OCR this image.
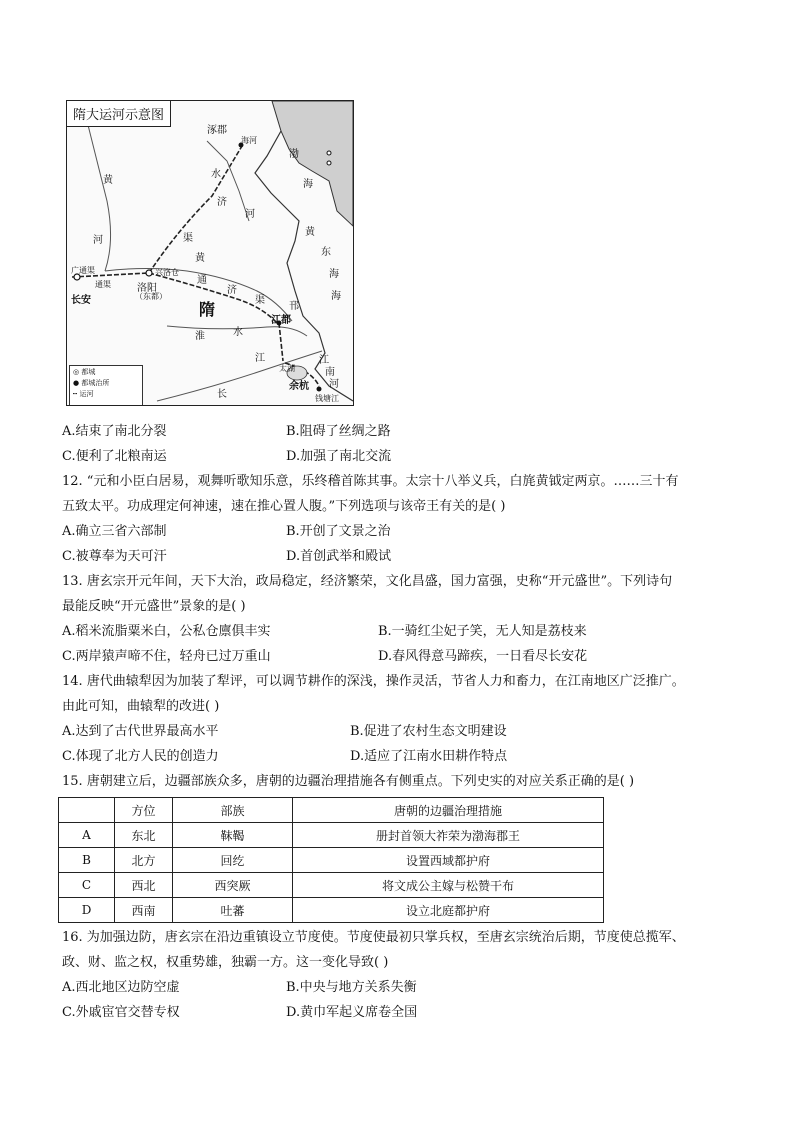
隋大运河示意图
涿郡
海河
渤
海
黄
河
水
济
河
渠
黄
黄
东
海
海
通
济
渠
广通渠
通渠
长安
洛阳
（东都）
兴洛仓
隋
江都
邗
淮	水
江
长
太湖
江
南
河
余杭
钱塘江
◎ 都城
● 都城治所
┅ 运河
A.结束了南北分裂	B.阻碍了丝绸之路
C.便利了北粮南运	D.加强了南北交流
12. “元和小臣白居易，观舞听歌知乐意，乐终稽首陈其事。太宗十八举义兵，白旄黄钺定两京。……三十有
五致太平。功成理定何神速，速在推心置人腹。”下列选项与该帝王有关的是( )
A.确立三省六部制	B.开创了文景之治
C.被尊奉为天可汗	D.首创武举和殿试
13. 唐玄宗开元年间，天下大治，政局稳定，经济繁荣，文化昌盛，国力富强，史称“开元盛世”。下列诗句
最能反映“开元盛世”景象的是( )
A.稻米流脂粟米白，公私仓廪俱丰实	B.一骑红尘妃子笑，无人知是荔枝来
C.两岸猿声啼不住，轻舟已过万重山	D.春风得意马蹄疾，一日看尽长安花
14. 唐代曲辕犁因为加装了犁评，可以调节耕作的深浅，操作灵活，节省人力和畜力，在江南地区广泛推广。
由此可知，曲辕犁的改进( )
A.达到了古代世界最高水平	B.促进了农村生态文明建设
C.体现了北方人民的创造力	D.适应了江南水田耕作特点
15. 唐朝建立后，边疆部族众多，唐朝的边疆治理措施各有侧重点。下列史实的对应关系正确的是( )
	方位	部族	唐朝的边疆治理措施
A	东北	靺鞨	册封首领大祚荣为渤海郡王
B	北方	回纥	设置西域都护府
C	西北	西突厥	将文成公主嫁与松赞干布
D	西南	吐蕃	设立北庭都护府
16. 为加强边防，唐玄宗在沿边重镇设立节度使。节度使最初只掌兵权，至唐玄宗统治后期，节度使总揽军、
政、财、监之权，权重势雄，独霸一方。这一变化导致( )
A.西北地区边防空虚	B.中央与地方关系失衡
C.外戚宦官交替专权	D.黄巾军起义席卷全国
